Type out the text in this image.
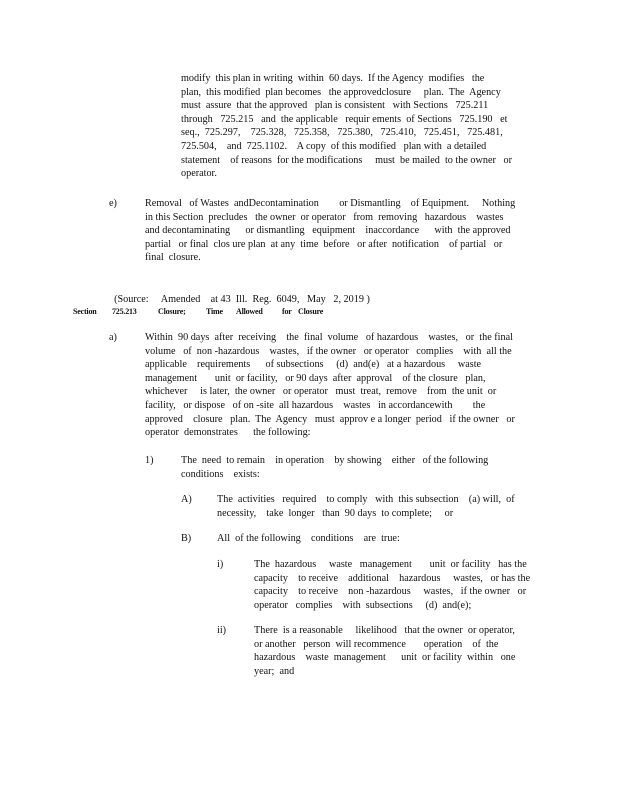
modify  this plan in writing  within  60 days.  If the Agency  modifies   the
plan,  this modified  plan becomes   the approvedclosure     plan.  The  Agency
must  assure  that the approved   plan is consistent   with Sections   725.211
through   725.215   and  the applicable   requir ements  of Sections   725.190   et
seq.,  725.297,    725.328,   725.358,   725.380,   725.410,   725.451,   725.481,
725.504,    and  725.1102.    A copy  of this modified   plan with  a detailed
statement    of reasons  for the modifications     must  be mailed  to the owner   or
operator.
e)	Removal   of Wastes  andDecontamination        or Dismantling    of Equipment.     Nothing
in this Section  precludes   the owner  or operator   from  removing   hazardous    wastes
and decontaminating      or dismantling   equipment    inaccordance      with  the approved
partial   or final  clos ure plan  at any  time  before   or after  notification    of partial   or
final  closure.

(Source:     Amended    at 43  Ill.  Reg.  6049,   May   2, 2019 )

Section 725.213	Closure;	Time Allowed for Closure
a)	Within  90 days  after  receiving    the  final  volume   of hazardous    wastes,   or  the final
volume   of  non -hazardous    wastes,   if the owner   or operator   complies    with  all the
applicable    requirements      of subsections     (d)  and(e)   at a hazardous     waste
management       unit  or facility,   or 90 days  after  approval    of the closure   plan,
whichever     is later,  the owner   or operator   must  treat,  remove    from  the unit  or
facility,   or dispose   of on -site  all hazardous    wastes   in accordancewith        the
approved    closure   plan.  The  Agency   must  approv e a longer  period   if the owner   or
operator  demonstrates      the following:
1)	The  need  to remain    in operation    by showing    either   of the following
conditions    exists:
A) The  activities   required    to comply   with  this subsection    (a) will,  of
necessity,    take  longer   than  90 days  to complete;     or
B)	All  of the following    conditions    are  true:
i)	The  hazardous     waste   management       unit  or facility   has the
capacity    to receive    additional    hazardous     wastes,   or has the
capacity    to receive    non -hazardous     wastes,   if the owner   or
operator   complies    with  subsections     (d)  and(e);
ii)	There  is a reasonable     likelihood   that the owner  or operator,
or another   person  will recommence       operation    of  the
hazardous    waste  management      unit  or facility  within   one
year;  and
